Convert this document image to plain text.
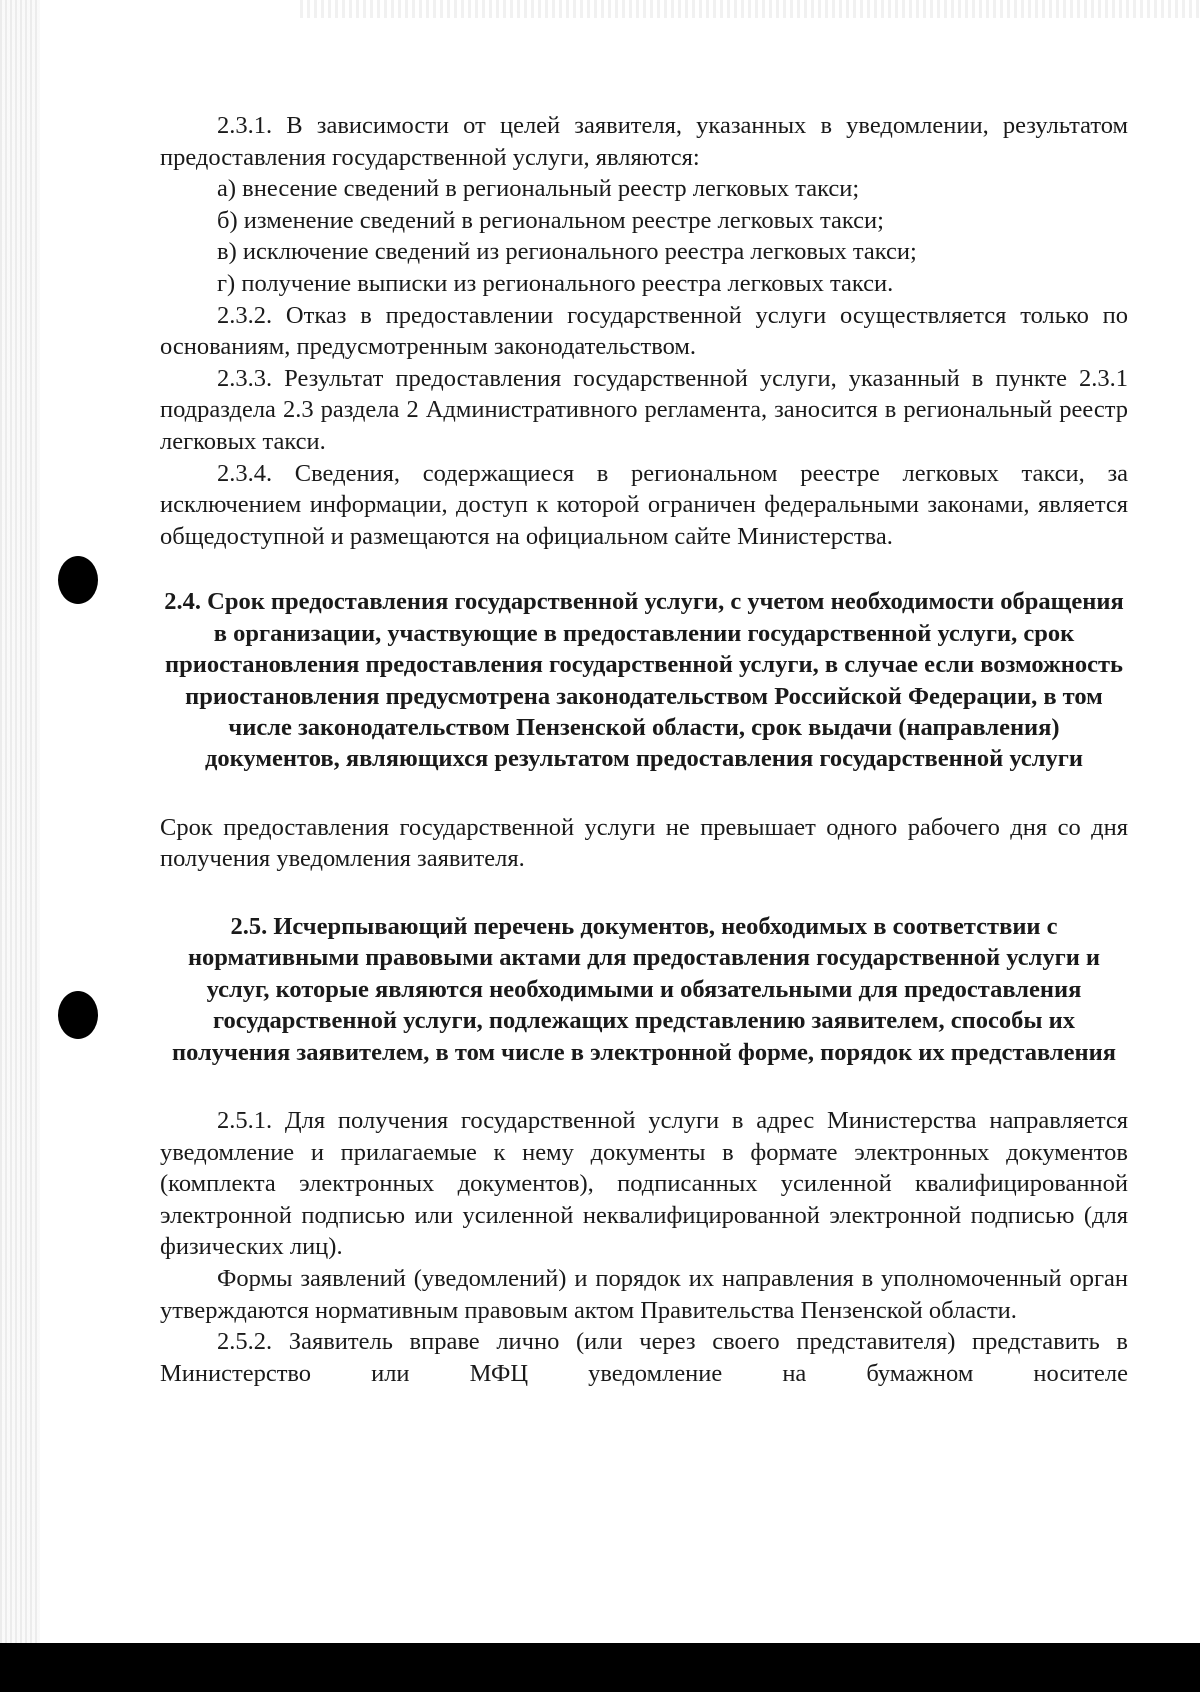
2.3.1. В зависимости от целей заявителя, указанных в уведомлении, результатом предоставления государственной услуги, являются:

а) внесение сведений в региональный реестр легковых такси;

б) изменение сведений в региональном реестре легковых такси;

в) исключение сведений из регионального реестра легковых такси;

г) получение выписки из регионального реестра легковых такси.

2.3.2. Отказ в предоставлении государственной услуги осуществляется только по основаниям, предусмотренным законодательством.

2.3.3. Результат предоставления государственной услуги, указанный в пункте 2.3.1 подраздела 2.3 раздела 2 Административного регламента, заносится в региональный реестр легковых такси.

2.3.4. Сведения, содержащиеся в региональном реестре легковых такси, за исключением информации, доступ к которой ограничен федеральными законами, является общедоступной и размещаются на официальном сайте Министерства.

2.4. Срок предоставления государственной услуги, с учетом необходимости обращения в организации, участвующие в предоставлении государственной услуги, срок приостановления предоставления государственной услуги, в случае если возможность приостановления предусмотрена законодательством Российской Федерации, в том числе законодательством Пензенской области, срок выдачи (направления) документов, являющихся результатом предоставления государственной услуги

Срок предоставления государственной услуги не превышает одного рабочего дня со дня получения уведомления заявителя.

2.5. Исчерпывающий перечень документов, необходимых в соответствии с нормативными правовыми актами для предоставления государственной услуги и услуг, которые являются необходимыми и обязательными для предоставления государственной услуги, подлежащих представлению заявителем, способы их получения заявителем, в том числе в электронной форме, порядок их представления

2.5.1. Для получения государственной услуги в адрес Министерства направляется уведомление и прилагаемые к нему документы в формате электронных документов (комплекта электронных документов), подписанных усиленной квалифицированной электронной подписью или усиленной неквалифицированной электронной подписью (для физических лиц).

Формы заявлений (уведомлений) и порядок их направления в уполномоченный орган утверждаются нормативным правовым актом Правительства Пензенской области.

2.5.2. Заявитель вправе лично (или через своего представителя) представить в Министерство или МФЦ уведомление на бумажном носителе
